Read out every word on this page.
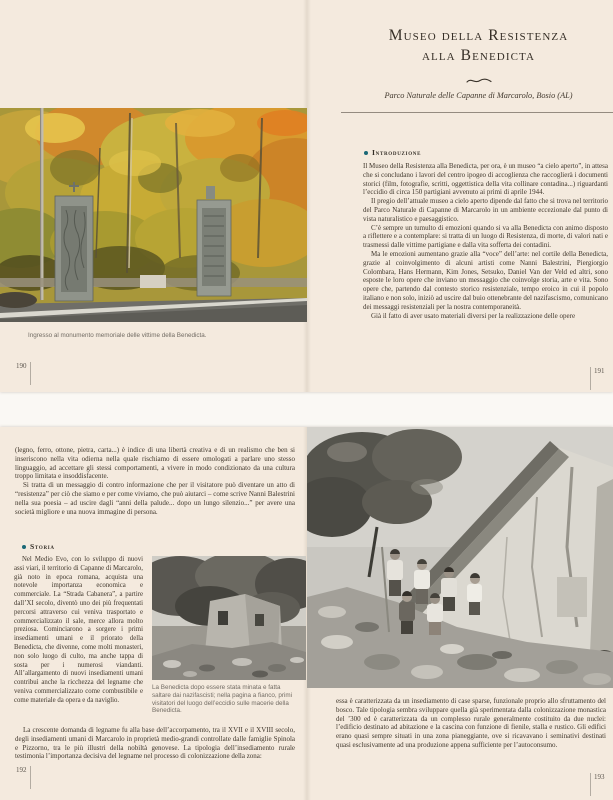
Ingresso al monumento memoriale delle vittime della Benedicta.
190
Museo della Resistenza
alla Benedicta
Parco Naturale delle Capanne di Marcarolo, Bosio (AL)
Introduzione

Il Museo della Resistenza alla Benedicta, per ora, è un museo “a cielo aperto”, in attesa che si concludano i lavori del centro ipogeo di accoglienza che raccoglierà i documenti storici (film, fotografie, scritti, oggettistica della vita collinare contadina...) riguardanti l’eccidio di circa 150 partigiani avvenuto ai primi di aprile 1944.

Il pregio dell’attuale museo a cielo aperto dipende dal fatto che si trova nel territorio del Parco Naturale di Capanne di Marcarolo in un ambiente eccezionale dal punto di vista naturalistico e paesaggistico.

C’è sempre un tumulto di emozioni quando si va alla Benedicta con animo disposto a riflettere e a contemplare: si tratta di un luogo di Resistenza, di morte, di valori nati e trasmessi dalle vittime partigiane e dalla vita sofferta dei contadini.

Ma le emozioni aumentano grazie alla “voce” dell’arte: nel cortile della Benedicta, grazie al coinvolgimento di alcuni artisti come Nanni Balestrini, Piergiorgio Colombara, Hans Hermann, Kim Jones, Setsuko, Daniel Van der Veld ed altri, sono esposte le loro opere che inviano un messaggio che coinvolge storia, arte e vita. Sono opere che, partendo dal contesto storico resistenziale, tempo eroico in cui il popolo italiano e non solo, iniziò ad uscire dal buio ottenebrante del nazifascismo, comunicano dei messaggi resistenziali per la nostra contemporaneità.

Già il fatto di aver usato materiali diversi per la realizzazione delle opere

191

(legno, ferro, ottone, pietra, carta...) è indice di una libertà creativa e di un realismo che ben si inseriscono nella vita odierna nella quale rischiamo di essere omologati a parlare uno stesso linguaggio, ad accettare gli stessi comportamenti, a vivere in modo condizionato da una cultura troppo limitata e insoddisfacente.

Si tratta di un messaggio di contro informazione che per il visitatore può diventare un atto di “resistenza” per ciò che siamo e per come viviamo, che può aiutarci – come scrive Nanni Balestrini nella sua poesia – ad uscire dagli “anni della palude... dopo un lungo silenzio...” per avere una società migliore e una nuova immagine di persona.

Storia

Nel Medio Evo, con lo sviluppo di nuovi assi viari, il territorio di Capanne di Marcarolo, già noto in epoca romana, acquista una notevole importanza economica e commerciale. La “Strada Cabanera”, a partire dall’XI secolo, diventò uno dei più frequentati percorsi attraverso cui veniva trasportato e commercializzato il sale, merce allora molto preziosa. Cominciarono a sorgere i primi insediamenti umani e il priorato della Benedicta, che divenne, come molti monasteri, non solo luogo di culto, ma anche tappa di sosta per i numerosi viandanti. All’allargamento di nuovi insediamenti umani contribuì anche la ricchezza del legname che veniva commercializzato come combustibile e come materiale da opera e da naviglio.

La Benedicta dopo essere stata minata e fatta saltare dai nazifascisti; nella pagina a fianco, primi visitatori del luogo dell’eccidio sulle macerie della Benedicta.

La crescente domanda di legname fu alla base dell’accorpamento, tra il XVII e il XVIII secolo, degli insediamenti umani di Marcarolo in proprietà medio-grandi controllate dalle famiglie Spinola e Pizzorno, tra le più illustri della nobiltà genovese. La tipologia dell’insediamento rurale testimonia l’importanza decisiva del legname nel processo di colonizzazione della zona:

192

essa è caratterizzata da un insediamento di case sparse, funzionale proprio allo sfruttamento del bosco. Tale tipologia sembra sviluppare quella già sperimentata dalla colonizzazione monastica del ’300 ed è caratterizzata da un complesso rurale generalmente costituito da due nuclei: l’edificio destinato ad abitazione e la cascina con funzione di fienile, stalla e rustico. Gli edifici erano quasi sempre situati in una zona pianeggiante, ove si ricavavano i seminativi destinati quasi esclusivamente ad una produzione appena sufficiente per l’autoconsumo.

193
